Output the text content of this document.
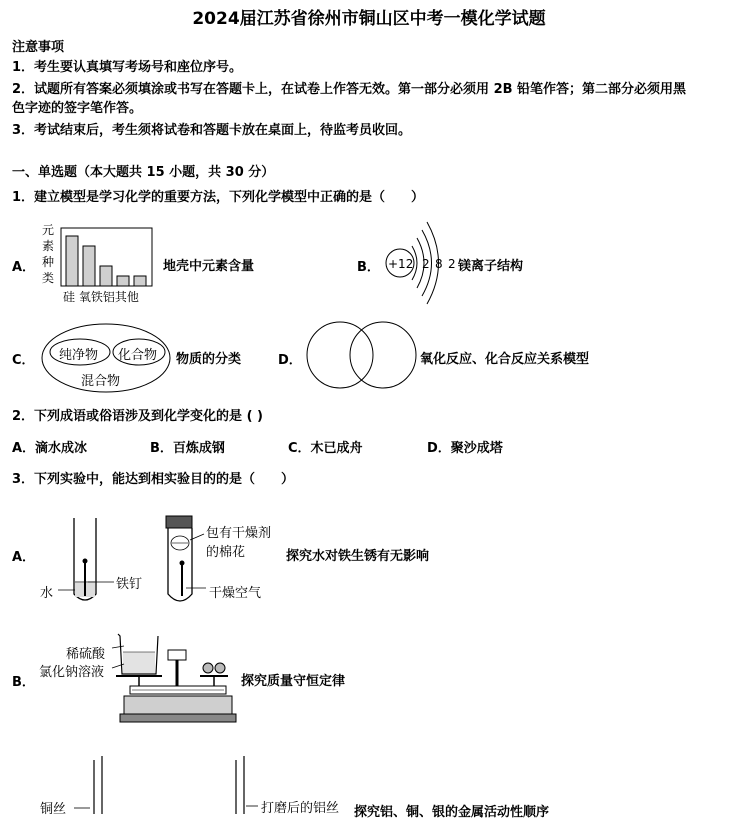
2024届江苏省徐州市铜山区中考一模化学试题
注意事项
1．考生要认真填写考场号和座位序号。
2．试题所有答案必须填涂或书写在答题卡上，在试卷上作答无效。第一部分必须用 2B 铅笔作答；第二部分必须用黑
色字迹的签字笔作答。
3．考试结束后，考生须将试卷和答题卡放在桌面上，待监考员收回。
一、单选题（本大题共 15 小题，共 30 分）
1．建立模型是学习化学的重要方法，下列化学模型中正确的是（　　）
A．
元
素
种
类
硅 氧铁铝其他
地壳中元素含量	B． +12 2 8 2 镁离子结构
C． 纯净物 化合物
混合物
物质的分类	D．	氧化反应、化合反应关系模型
2．下列成语或俗语涉及到化学变化的是 ( )
A．滴水成冰	B．百炼成钢	C．木已成舟	D．聚沙成塔
3．下列实验中，能达到相实验目的的是（　　）
A．
水
铁钉
包有干燥剂
的棉花
干燥空气
探究水对铁生锈有无影响
B．
稀硫酸
氯化钠溶液
探究质量守恒定律
铜丝	打磨后的铝丝 探究铝、铜、银的金属活动性顺序
